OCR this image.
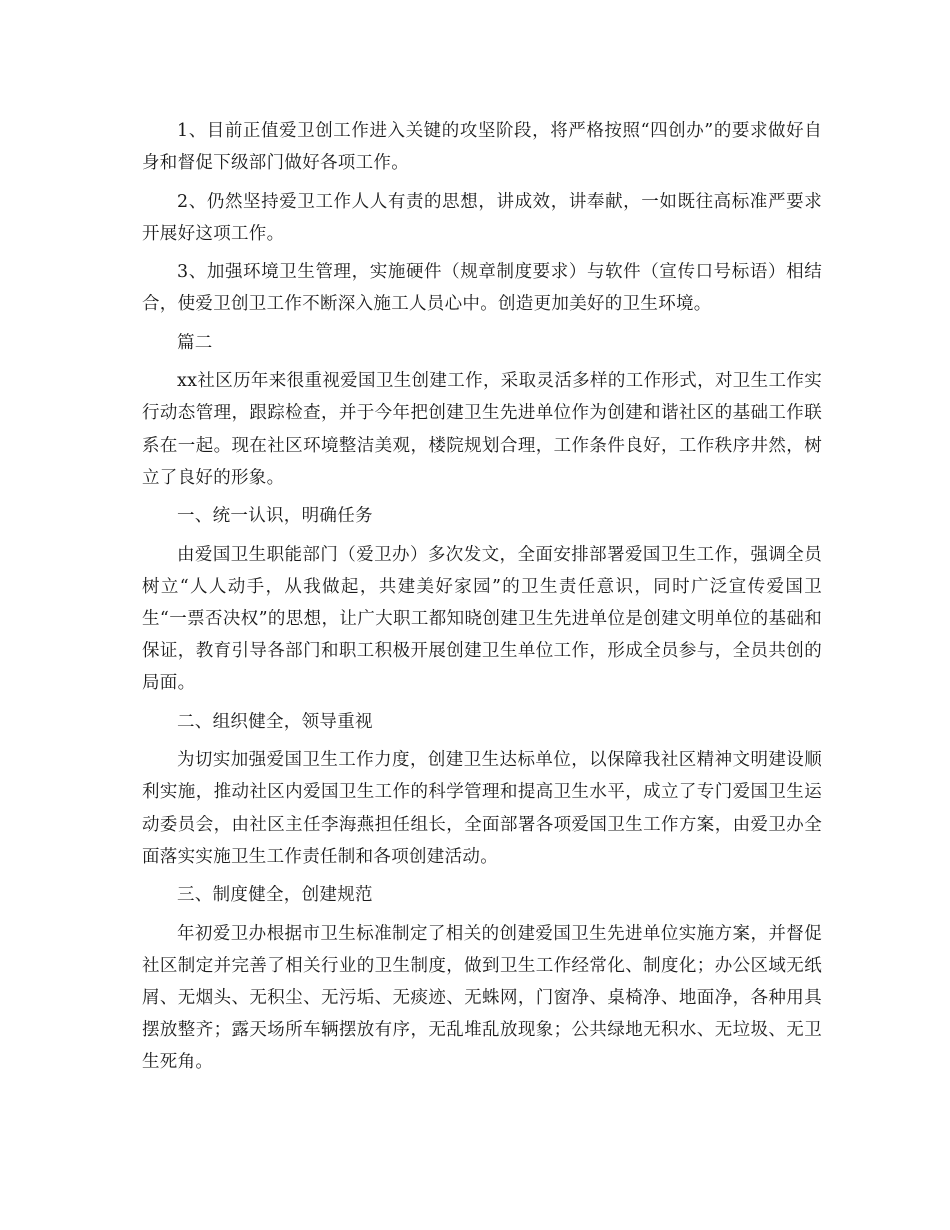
1、目前正值爱卫创工作进入关键的攻坚阶段，将严格按照“四创办”的要求做好自身和督促下级部门做好各项工作。

2、仍然坚持爱卫工作人人有责的思想，讲成效，讲奉献，一如既往高标准严要求开展好这项工作。

3、加强环境卫生管理，实施硬件（规章制度要求）与软件（宣传口号标语）相结合，使爱卫创卫工作不断深入施工人员心中。创造更加美好的卫生环境。

篇二

xx社区历年来很重视爱国卫生创建工作，采取灵活多样的工作形式，对卫生工作实行动态管理，跟踪检查，并于今年把创建卫生先进单位作为创建和谐社区的基础工作联系在一起。现在社区环境整洁美观，楼院规划合理，工作条件良好，工作秩序井然，树立了良好的形象。

一、统一认识，明确任务

由爱国卫生职能部门（爱卫办）多次发文，全面安排部署爱国卫生工作，强调全员树立“人人动手，从我做起，共建美好家园”的卫生责任意识，同时广泛宣传爱国卫生“一票否决权”的思想，让广大职工都知晓创建卫生先进单位是创建文明单位的基础和保证，教育引导各部门和职工积极开展创建卫生单位工作，形成全员参与，全员共创的局面。

二、组织健全，领导重视

为切实加强爱国卫生工作力度，创建卫生达标单位，以保障我社区精神文明建设顺利实施，推动社区内爱国卫生工作的科学管理和提高卫生水平，成立了专门爱国卫生运动委员会，由社区主任李海燕担任组长，全面部署各项爱国卫生工作方案，由爱卫办全面落实实施卫生工作责任制和各项创建活动。

三、制度健全，创建规范

年初爱卫办根据市卫生标准制定了相关的创建爱国卫生先进单位实施方案，并督促社区制定并完善了相关行业的卫生制度，做到卫生工作经常化、制度化；办公区域无纸屑、无烟头、无积尘、无污垢、无痰迹、无蛛网，门窗净、桌椅净、地面净，各种用具摆放整齐；露天场所车辆摆放有序，无乱堆乱放现象；公共绿地无积水、无垃圾、无卫生死角。
